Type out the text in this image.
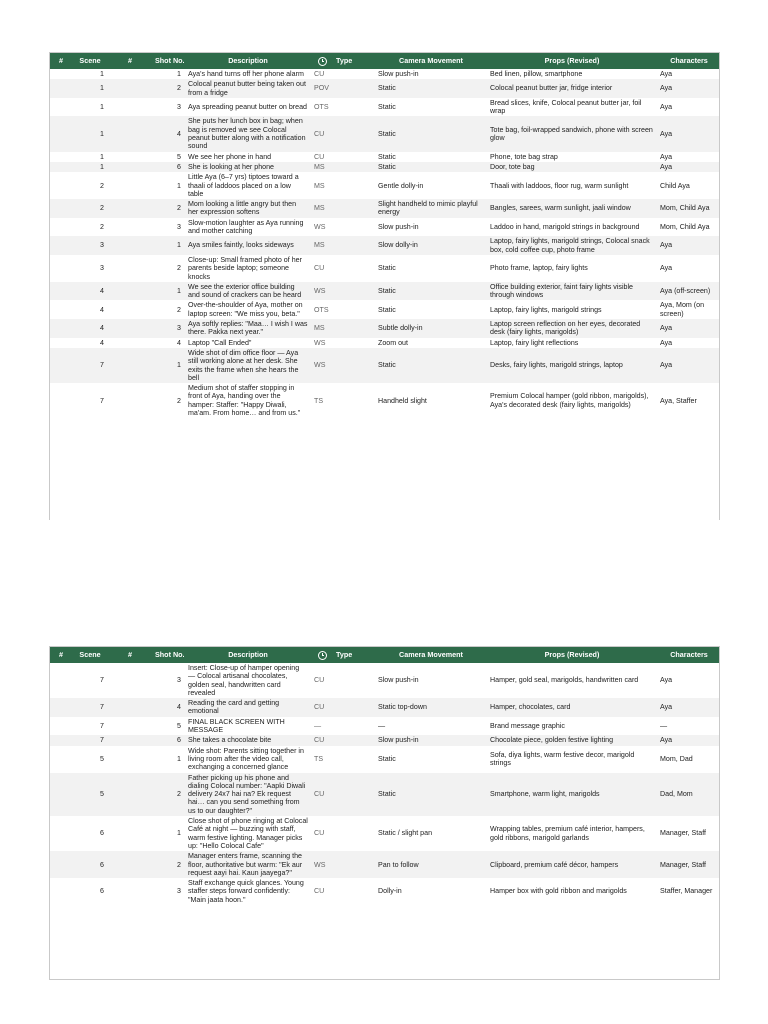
#	Scene	#	Shot No.	Description		Type	Camera Movement	Props (Revised)	Characters
	1		1	Aya's hand turns off her phone alarm	CU		Slow push-in	Bed linen, pillow, smartphone	Aya
	1		2	Colocal peanut butter being taken out from a fridge	POV		Static	Colocal peanut butter jar, fridge interior	Aya
	1		3	Aya spreading peanut butter on bread	OTS		Static	Bread slices, knife, Colocal peanut butter jar, foil wrap	Aya
	1		4	She puts her lunch box in bag; when bag is removed we see Colocal peanut butter along with a notification sound	CU		Static	Tote bag, foil-wrapped sandwich, phone with screen glow	Aya
	1		5	We see her phone in hand	CU		Static	Phone, tote bag strap	Aya
	1		6	She is looking at her phone	MS		Static	Door, tote bag	Aya
	2		1	Little Aya (6–7 yrs) tiptoes toward a thaali of laddoos placed on a low table	MS		Gentle dolly-in	Thaali with laddoos, floor rug, warm sunlight	Child Aya
	2		2	Mom looking a little angry but then her expression softens	MS		Slight handheld to mimic playful energy	Bangles, sarees, warm sunlight, jaali window	Mom, Child Aya
	2		3	Slow-motion laughter as Aya running and mother catching	WS		Slow push-in	Laddoo in hand, marigold strings in background	Mom, Child Aya
	3		1	Aya smiles faintly, looks sideways	MS		Slow dolly-in	Laptop, fairy lights, marigold strings, Colocal snack box, cold coffee cup, photo frame	Aya
	3		2	Close-up: Small framed photo of her parents beside laptop; someone knocks	CU		Static	Photo frame, laptop, fairy lights	Aya
	4		1	We see the exterior office building and sound of crackers can be heard	WS		Static	Office building exterior, faint fairy lights visible through windows	Aya (off-screen)
	4		2	Over-the-shoulder of Aya, mother on laptop screen: "We miss you, beta."	OTS		Static	Laptop, fairy lights, marigold strings	Aya, Mom (on screen)
	4		3	Aya softly replies: "Maa… I wish I was there. Pakka next year."	MS		Subtle dolly-in	Laptop screen reflection on her eyes, decorated desk (fairy lights, marigolds)	Aya
	4		4	Laptop "Call Ended"	WS		Zoom out	Laptop, fairy light reflections	Aya
	7		1	Wide shot of dim office floor — Aya still working alone at her desk. She exits the frame when she hears the bell	WS		Static	Desks, fairy lights, marigold strings, laptop	Aya
	7		2	Medium shot of staffer stopping in front of Aya, handing over the hamper: Staffer: "Happy Diwali, ma'am. From home… and from us."	TS		Handheld slight	Premium Colocal hamper (gold ribbon, marigolds), Aya's decorated desk (fairy lights, marigolds)	Aya, Staffer
#	Scene	#	Shot No.	Description		Type	Camera Movement	Props (Revised)	Characters
	7		3	Insert: Close-up of hamper opening — Colocal artisanal chocolates, golden seal, handwritten card revealed	CU		Slow push-in	Hamper, gold seal, marigolds, handwritten card	Aya
	7		4	Reading the card and getting emotional	CU		Static top-down	Hamper, chocolates, card	Aya
	7		5	FINAL BLACK SCREEN WITH MESSAGE	—		—	Brand message graphic	—
	7		6	She takes a chocolate bite	CU		Slow push-in	Chocolate piece, golden festive lighting	Aya
	5		1	Wide shot: Parents sitting together in living room after the video call, exchanging a concerned glance	TS		Static	Sofa, diya lights, warm festive decor, marigold strings	Mom, Dad
	5		2	Father picking up his phone and dialing Colocal number: "Aapki Diwali delivery 24x7 hai na? Ek request hai… can you send something from us to our daughter?"	CU		Static	Smartphone, warm light, marigolds	Dad, Mom
	6		1	Close shot of phone ringing at Colocal Café at night — buzzing with staff, warm festive lighting. Manager picks up: "Hello Colocal Cafe"	CU		Static / slight pan	Wrapping tables, premium café interior, hampers, gold ribbons, marigold garlands	Manager, Staff
	6		2	Manager enters frame, scanning the floor, authoritative but warm: "Ek aur request aayi hai. Kaun jaayega?"	WS		Pan to follow	Clipboard, premium café décor, hampers	Manager, Staff
	6		3	Staff exchange quick glances. Young staffer steps forward confidently: "Main jaata hoon."	CU		Dolly-in	Hamper box with gold ribbon and marigolds	Staffer, Manager
